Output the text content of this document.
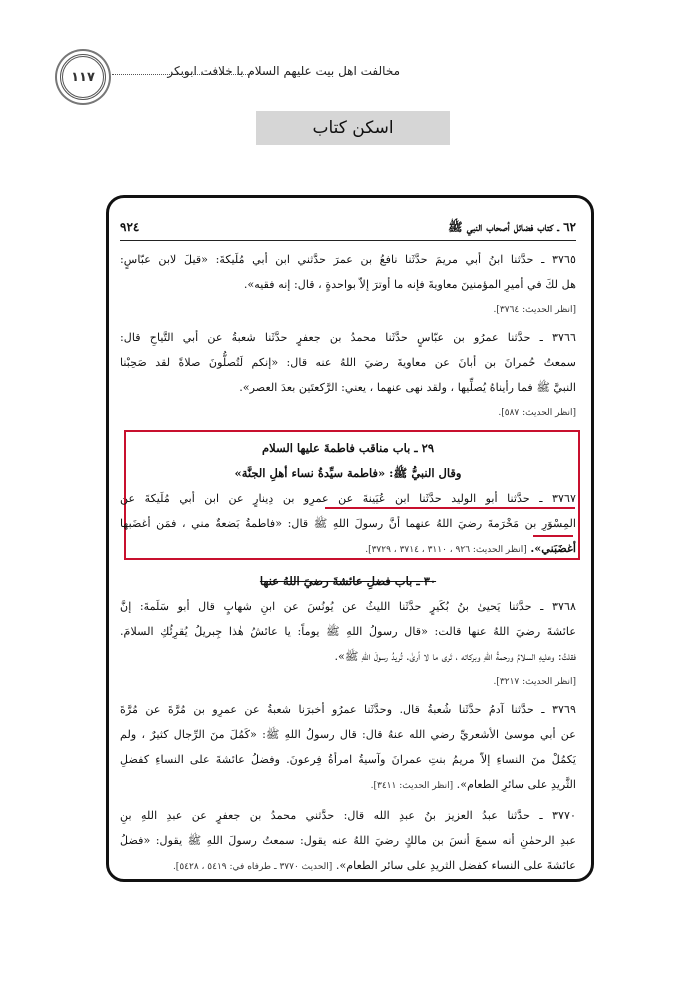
١١٧	مخالفت اهل بیت عليهم السلام با خلافت ابوبکر
اسکن کتاب
٦٢ ـ كتاب فضائل أصحاب النبي ﷺ
٩٢٤
٣٧٦٥ ـ حدَّثنا ابنُ أبي مريمَ حدَّثَنا نافعُ بن عمرَ حدَّثني ابن أبي مُلَيكةَ: «قيلَ لابن عبّاسٍ:
هل لكَ في أميرِ المؤمنينَ معاويةَ فإنه ما أوترَ إلاّ بواحدةٍ ، قال: إنه فقيه».
[انظر الحديث: ٣٧٦٤].
٣٧٦٦ ـ حدَّثنا عمرُو بن عبّاسٍ حدَّثَنا محمدُ بن جعفرٍ حدَّثَنا شعبةُ عن أبي التَّياحِ قال:
سمعتُ حُمرانَ بن أبانَ عن معاويةَ رضيَ اللهُ عنه قال: «إنكم لَتُصلُّونَ صلاةً لقد صَحِبْنا
النبيَّ ﷺ فما رأيناهُ يُصلِّيها ، ولقد نهى عنهما ، يعني: الرَّكعتَين بعدَ العصر».
[انظر الحديث: ٥٨٧].
٢٩ ـ باب مناقب فاطمةَ عليها السلام
وقال النبيُّ ﷺ: «فاطمة سيِّدةُ نساء أهلِ الجنَّة»
٣٧٦٧ ـ حدَّثنا أبو الوليد حدَّثَنا ابن عُيَينةَ عن عمرِو بن دِينارٍ عن ابن أبي مُلَيكةَ عن
المِسْوَرِ بن مَخْرَمةَ رضيَ اللهُ عنهما أنَّ رسولَ اللهِ ﷺ قال: «فاطمةُ بَضعةٌ مني ، فمَن أغضَبها
أغضَبَني». [انظر الحديث: ٩٢٦ ، ٣١١٠ ، ٣٧١٤ ، ٣٧٢٩].
٣٠ ـ باب فضلِ عائشةَ رضيَ اللهُ عنها
٣٧٦٨ ـ حدَّثنا يَحيىٰ بنُ بُكَيرٍ حدَّثَنا الليثُ عن يُونُسَ عن ابنِ شهابٍ قال أبو سَلَمةَ: إنَّ
عائشةَ رضيَ اللهُ عنها قالت: «قال رسولُ اللهِ ﷺ يوماً: يا عائشُ هٰذا جِبريلُ يُقرِئُكِ السلامَ.
فقلتُ: وعليهِ السلامُ ورحمةُ اللهِ وبركاته ، تَرى ما لا أرىٰ. تُريدُ رسولَ اللهِ ﷺ».
[انظر الحديث: ٣٢١٧].
٣٧٦٩ ـ حدَّثنا آدمُ حدَّثَنا شُعبةُ قال. وحدَّثَنا عمرُو أخبرَنا شعبةُ عن عمرِو بن مُرَّةَ عن مُرَّةَ
عن أبي موسىٰ الأشعريِّ رضي الله عنهُ قال: قال رسولُ اللهِ ﷺ: «كَمُلَ منَ الرِّجال كثيرٌ ، ولم
يَكمُلْ منَ النساءِ إلاّ مريمُ بنتِ عمرانَ وآسيةُ امرأةُ فِرعونَ. وفضلُ عائشةَ على النساءِ كفضلِ
الثَّريدِ على سائرِ الطعام». [انظر الحديث: ٣٤١١].
٣٧٧٠ ـ حدَّثنا عبدُ العزيز بنُ عبدِ الله قال: حدَّثني محمدُ بن جعفرٍ عن عبدِ اللهِ بنِ
عبدِ الرحمٰنِ أنه سمعَ أنسَ بن مالكٍ رضيَ اللهُ عنه يقول: سمعتُ رسولَ اللهِ ﷺ يقول: «فضلُ
عائشةَ على النساء كفضل الثريدِ على سائر الطعام». [الحديث ٣٧٧٠ ـ طرفاه في: ٥٤١٩ ، ٥٤٢٨].
